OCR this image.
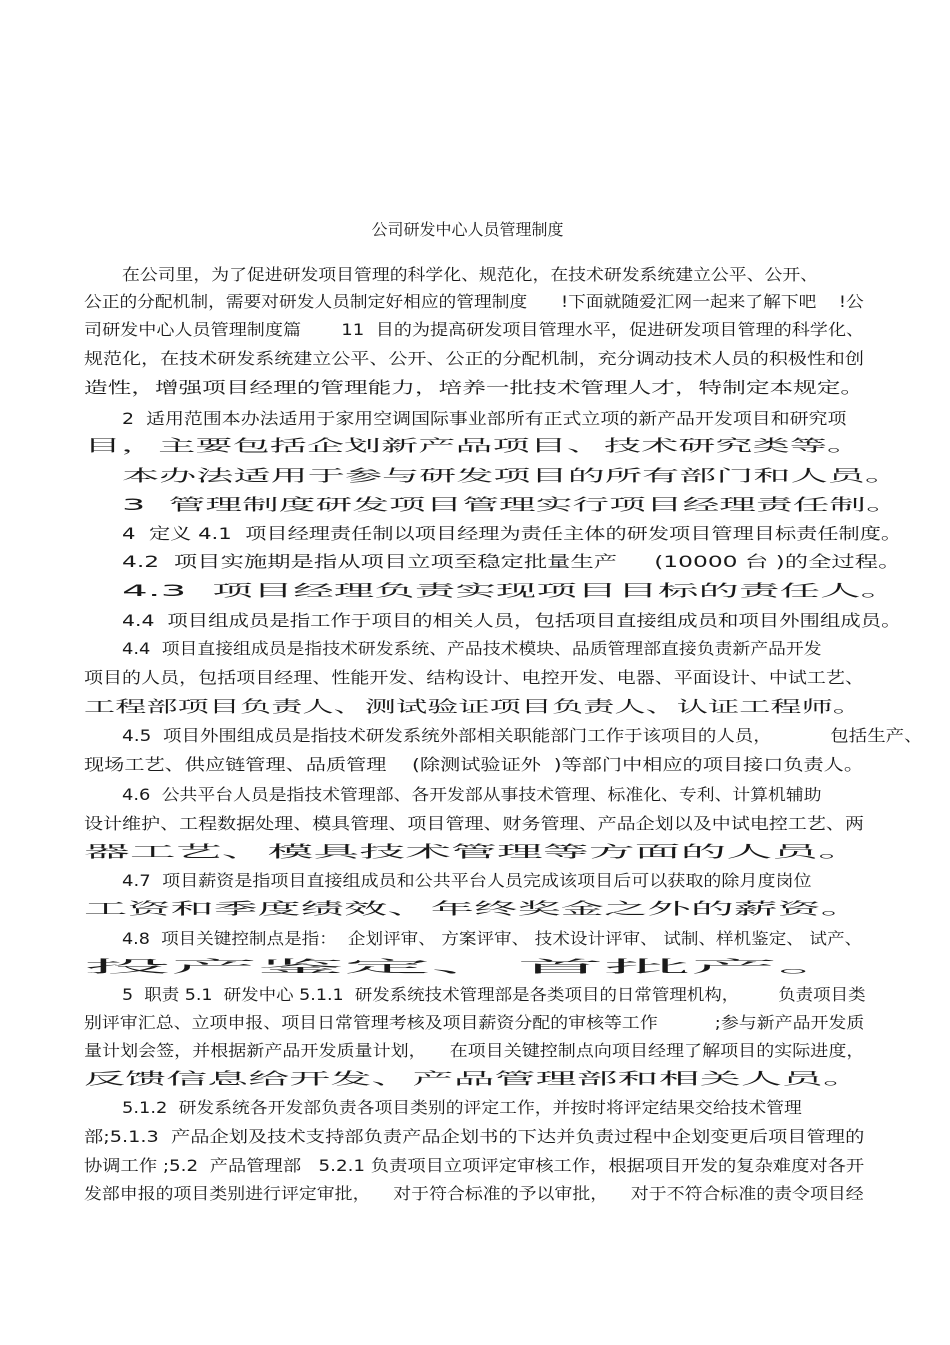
公司研发中心人员管理制度
在公司里，为了促进研发项目管理的科学化、规范化，在技术研发系统建立公平、公开、
公正的分配机制，需要对研发人员制定好相应的管理制度      !下面就随爱汇网一起来了解下吧    !公
司研发中心人员管理制度篇       11  目的为提高研发项目管理水平，促进研发项目管理的科学化、
规范化，在技术研发系统建立公平、公开、公正的分配机制，充分调动技术人员的积极性和创
造性，增强项目经理的管理能力，培养一批技术管理人才，特制定本规定。
2  适用范围本办法适用于家用空调国际事业部所有正式立项的新产品开发项目和研究项
目，主要包括企划新产品项目、技术研究类等。
本办法适用于参与研发项目的所有部门和人员。
3  管理制度研发项目管理实行项目经理责任制。
4  定义 4.1  项目经理责任制以项目经理为责任主体的研发项目管理目标责任制度。
4.2  项目实施期是指从项目立项至稳定批量生产     (10000 台 )的全过程。
4.3  项目经理负责实现项目目标的责任人。
4.4  项目组成员是指工作于项目的相关人员，包括项目直接组成员和项目外围组成员。
4.4  项目直接组成员是指技术研发系统、产品技术模块、品质管理部直接负责新产品开发
项目的人员，包括项目经理、性能开发、结构设计、电控开发、电器、平面设计、中试工艺、
工程部项目负责人、测试验证项目负责人、认证工程师。
4.5  项目外围组成员是指技术研发系统外部相关职能部门工作于该项目的人员，          包括生产、
现场工艺、供应链管理、品质管理    (除测试验证外  )等部门中相应的项目接口负责人。
4.6  公共平台人员是指技术管理部、各开发部从事技术管理、标准化、专利、计算机辅助
设计维护、工程数据处理、模具管理、项目管理、财务管理、产品企划以及中试电控工艺、两
器工艺、模具技术管理等方面的人员。
4.7  项目薪资是指项目直接组成员和公共平台人员完成该项目后可以获取的除月度岗位
工资和季度绩效、年终奖金之外的薪资。
4.8  项目关键控制点是指：  企划评审、 方案评审、 技术设计评审、 试制、样机鉴定、 试产、
投产鉴定、首批产。
5  职责 5.1  研发中心 5.1.1  研发系统技术管理部是各类项目的日常管理机构，       负责项目类
别评审汇总、立项申报、项目日常管理考核及项目薪资分配的审核等工作          ;参与新产品开发质
量计划会签，并根据新产品开发质量计划，    在项目关键控制点向项目经理了解项目的实际进度，
反馈信息给开发、产品管理部和相关人员。
5.1.2  研发系统各开发部负责各项目类别的评定工作，并按时将评定结果交给技术管理
部;5.1.3  产品企划及技术支持部负责产品企划书的下达并负责过程中企划变更后项目管理的
协调工作 ;5.2  产品管理部   5.2.1 负责项目立项评定审核工作，根据项目开发的复杂难度对各开
发部申报的项目类别进行评定审批，    对于符合标准的予以审批，    对于不符合标准的责令项目经
